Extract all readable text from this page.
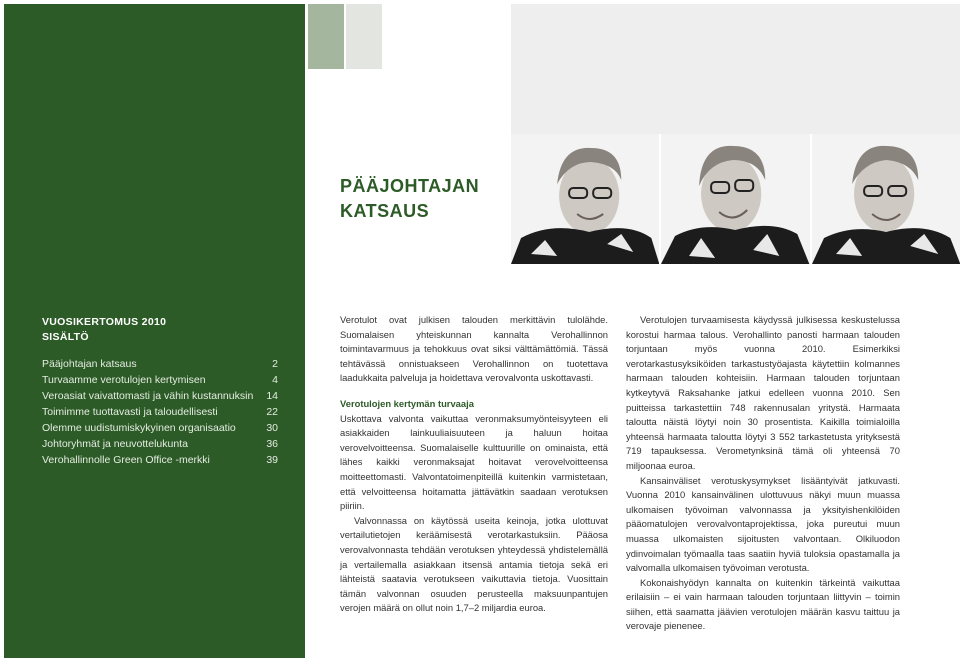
PÄÄJOHTAJAN
KATSAUS
VUOSIKERTOMUS 2010
SISÄLTÖ
Pääjohtajan katsaus	2
Turvaamme verotulojen kertymisen	4
Veroasiat vaivattomasti ja vähin kustannuksin 14
Toimimme tuottavasti ja taloudellisesti	22
Olemme uudistumiskykyinen organisaatio	30
Johtoryhmät ja neuvottelukunta	36
Verohallinnolle Green Office -merkki	39

Verotulot ovat julkisen talouden merkittävin tulolähde. Suomalaisen yhteiskunnan kannalta Verohallinnon toimintavarmuus ja tehokkuus ovat siksi välttämättömiä. Tässä tehtävässä onnistuakseen Verohallinnon on tuotettava laadukkaita palveluja ja hoidettava verovalvonta uskottavasti.

Verotulojen kertymän turvaaja

Uskottava valvonta vaikuttaa veronmaksumyönteisyyteen eli asiakkaiden lainkuuliaisuuteen ja haluun hoitaa verovelvoitteensa. Suomalaiselle kulttuurille on ominaista, että lähes kaikki veronmaksajat hoitavat verovelvoitteensa moitteettomasti. Valvontatoimenpiteillä kuitenkin varmistetaan, että velvoitteensa hoitamatta jättävätkin saadaan verotuksen piiriin.

Valvonnassa on käytössä useita keinoja, jotka ulottuvat vertailutietojen keräämisestä verotarkastuksiin. Pääosa verovalvonnasta tehdään verotuksen yhteydessä yhdistelemällä ja vertailemalla asiakkaan itsensä antamia tietoja sekä eri lähteistä saatavia verotukseen vaikuttavia tietoja. Vuosittain tämän valvonnan osuuden perusteella maksuunpantujen verojen määrä on ollut noin 1,7–2 miljardia euroa.

Verotulojen turvaamisesta käydyssä julkisessa keskustelussa korostui harmaa talous. Verohallinto panosti harmaan talouden torjuntaan myös vuonna 2010. Esimerkiksi verotarkastusyksiköiden tarkastustyöajasta käytettiin kolmannes harmaan talouden kohteisiin. Harmaan talouden torjuntaan kytkeytyvä Raksahanke jatkui edelleen vuonna 2010. Sen puitteissa tarkastettiin 748 rakennusalan yritystä. Harmaata taloutta näistä löytyi noin 30 prosentista. Kaikilla toimialoilla yhteensä harmaata taloutta löytyi 3 552 tarkastetusta yrityksestä 719 tapauksessa. Verometynksinä tämä oli yhteensä 70 miljoonaa euroa.

Kansainväliset verotuskysymykset lisääntyivät jatkuvasti. Vuonna 2010 kansainvälinen ulottuvuus näkyi muun muassa ulkomaisen työvoiman valvonnassa ja yksityishenkilöiden pääomatulojen verovalvontaprojektissa, joka pureutui muun muassa ulkomaisten sijoitusten valvontaan. Olkiluodon ydinvoimalan työmaalla taas saatiin hyviä tuloksia opastamalla ja valvomalla ulkomaisen työvoiman verotusta.

Kokonaishyödyn kannalta on kuitenkin tärkeintä vaikuttaa erilaisiin – ei vain harmaan talouden torjuntaan liittyvin – toimin siihen, että saamatta jäävien verotulojen määrän kasvu taittuu ja verovaje pienenee.
